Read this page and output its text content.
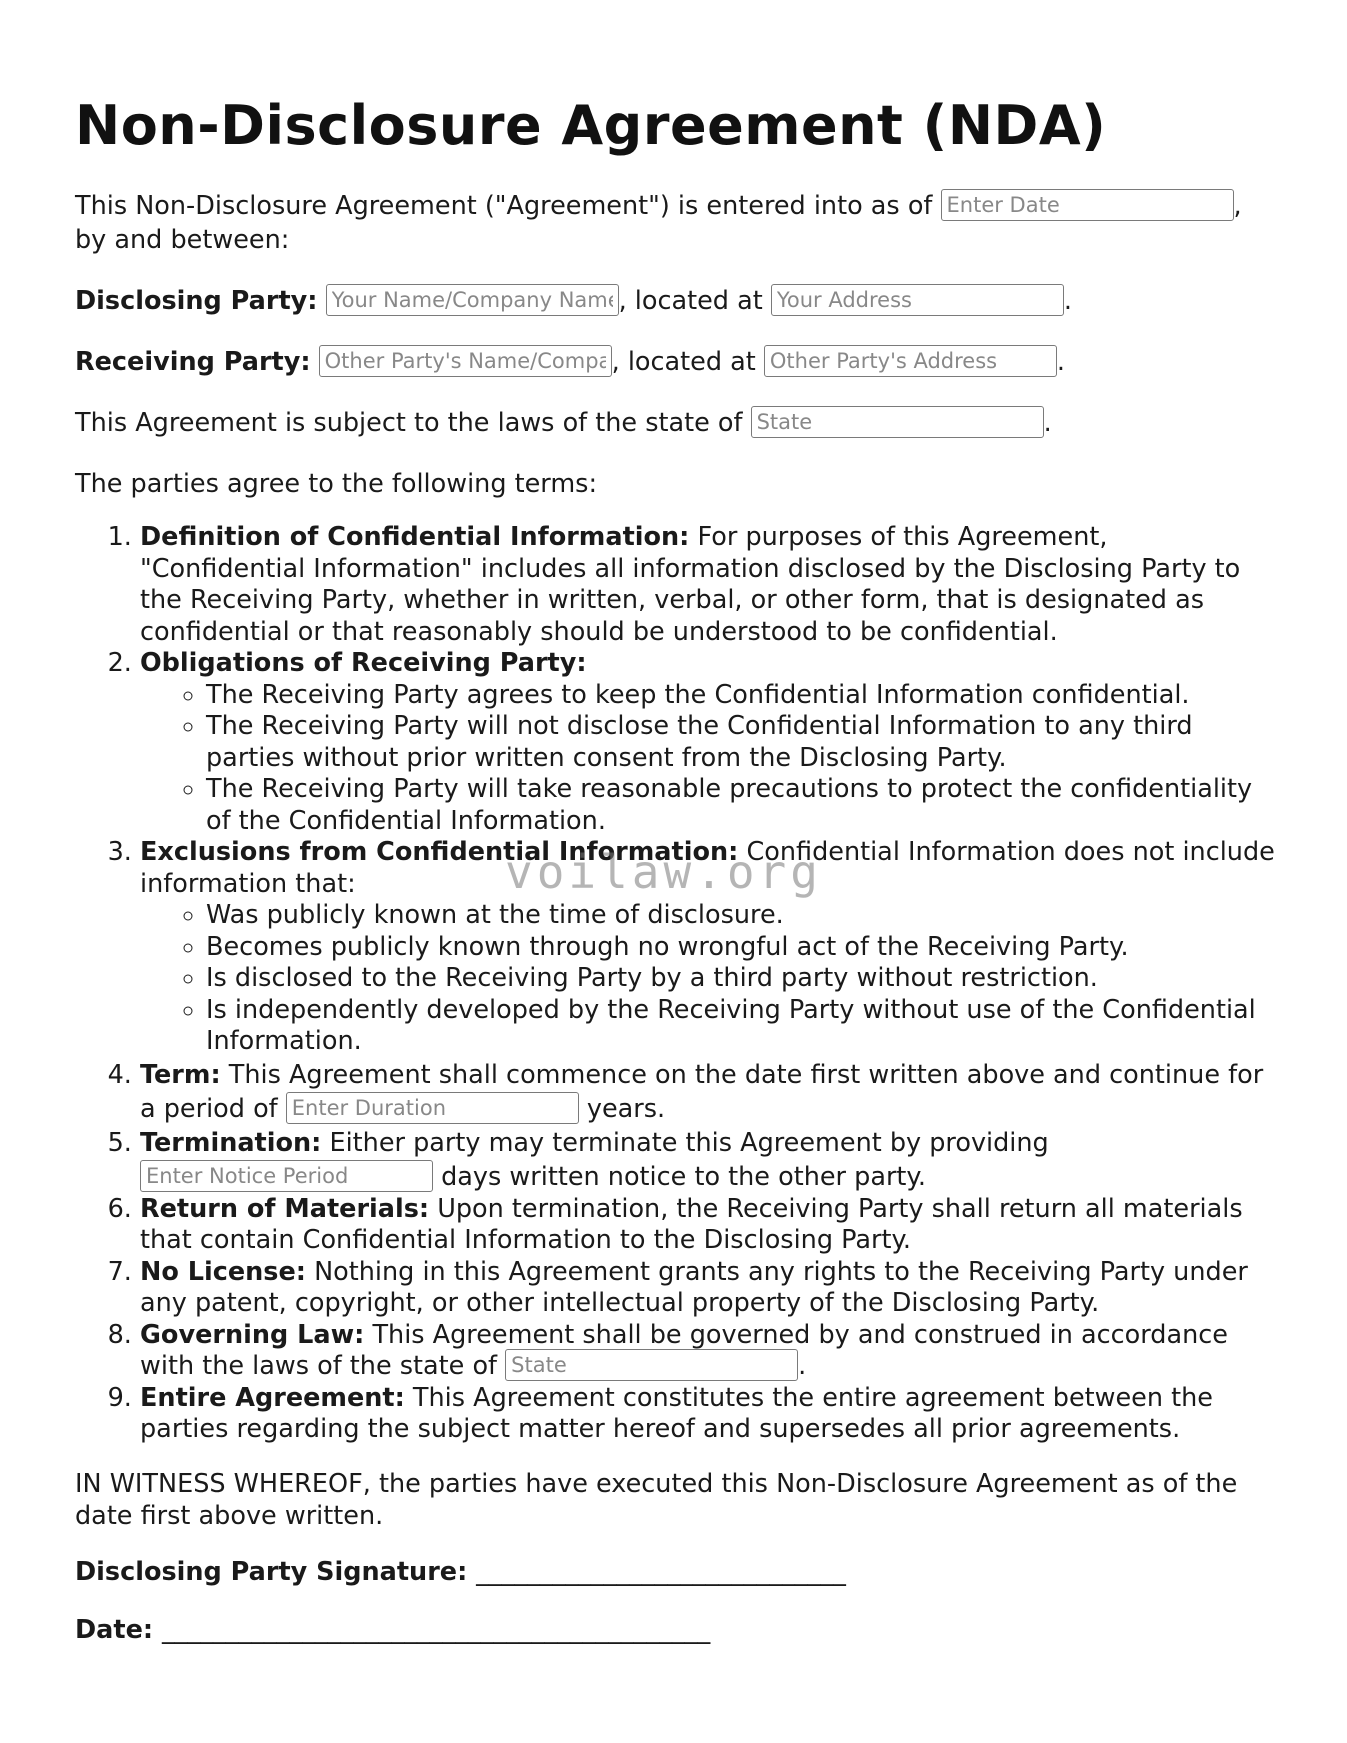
Non-Disclosure Agreement (NDA)

This Non-Disclosure Agreement ("Agreement") is entered into as of Enter Date	, by and between:

Disclosing Party: Your Name/Company Name	, located at Your Address	.

Receiving Party: Other Party's Name/Company Name	, located at Other Party's Address	.

This Agreement is subject to the laws of the state of State	.

The parties agree to the following terms:

1. Definition of Confidential Information: For purposes of this Agreement, "Confidential Information" includes all information disclosed by the Disclosing Party to the Receiving Party, whether in written, verbal, or other form, that is designated as confidential or that reasonably should be understood to be confidential.
2. Obligations of Receiving Party:
◦ The Receiving Party agrees to keep the Confidential Information confidential.
◦ The Receiving Party will not disclose the Confidential Information to any third parties without prior written consent from the Disclosing Party.
◦ The Receiving Party will take reasonable precautions to protect the confidentiality of the Confidential Information.
3. Exclusions from Confidential Information: Confidential Information does not include information that:
◦ Was publicly known at the time of disclosure.
◦ Becomes publicly known through no wrongful act of the Receiving Party.
◦ Is disclosed to the Receiving Party by a third party without restriction.
◦ Is independently developed by the Receiving Party without use of the Confidential Information.
4. Term: This Agreement shall commence on the date first written above and continue for a period of Enter Duration	years.
5. Termination: Either party may terminate this Agreement by providing Enter Notice Period days written notice to the other party.
6. Return of Materials: Upon termination, the Receiving Party shall return all materials that contain Confidential Information to the Disclosing Party.
7. No License: Nothing in this Agreement grants any rights to the Receiving Party under any patent, copyright, or other intellectual property of the Disclosing Party.
8. Governing Law: This Agreement shall be governed by and construed in accordance with the laws of the state of State	.
9. Entire Agreement: This Agreement constitutes the entire agreement between the parties regarding the subject matter hereof and supersedes all prior agreements.

IN WITNESS WHEREOF, the parties have executed this Non-Disclosure Agreement as of the date first above written.

Disclosing Party Signature: _____________________________

Date: ___________________________________________

voilaw.org
